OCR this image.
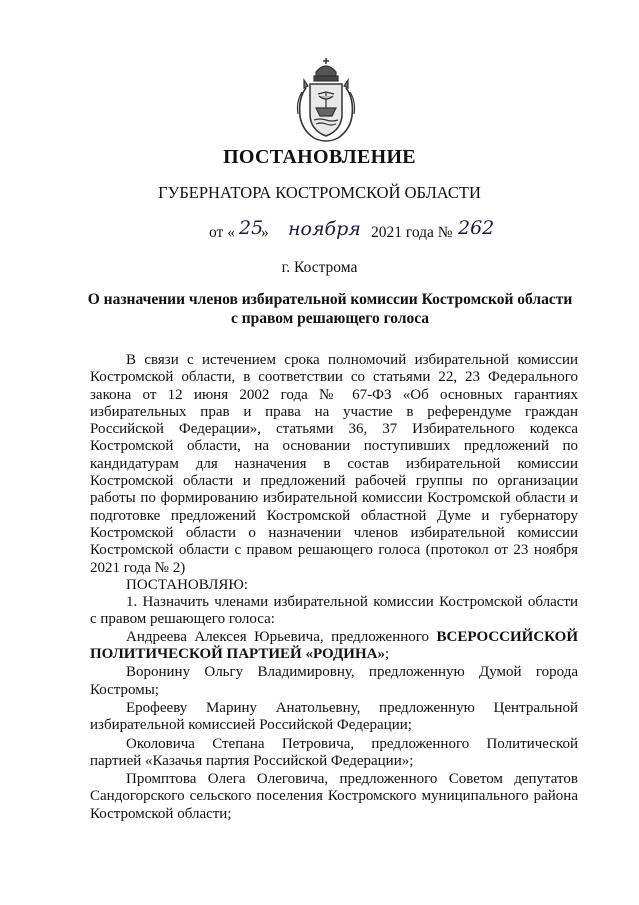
ПОСТАНОВЛЕНИЕ
ГУБЕРНАТОРА КОСТРОМСКОЙ ОБЛАСТИ
от « 25
» ноября 2021 года № 262
г. Кострома
О назначении членов избирательной комиссии Костромской области
с правом решающего голоса
В связи с истечением срока полномочий избирательной комиссии
Костромской области, в соответствии со статьями 22, 23 Федерального
закона от 12 июня 2002 года № 67-ФЗ «Об основных гарантиях
избирательных прав и права на участие в референдуме граждан
Российской Федерации», статьями 36, 37 Избирательного кодекса
Костромской области, на основании поступивших предложений по
кандидатурам для назначения в состав избирательной комиссии
Костромской области и предложений рабочей группы по организации
работы по формированию избирательной комиссии Костромской области и
подготовке предложений Костромской областной Думе и губернатору
Костромской области о назначении членов избирательной комиссии
Костромской области с правом решающего голоса (протокол от 23 ноября
2021 года № 2)
ПОСТАНОВЛЯЮ:
1. Назначить членами избирательной комиссии Костромской области
с правом решающего голоса:
Андреева Алексея Юрьевича, предложенного ВСЕРОССИЙСКОЙ
ПОЛИТИЧЕСКОЙ ПАРТИЕЙ «РОДИНА»;
Воронину Ольгу Владимировну, предложенную Думой города
Костромы;
Ерофееву Марину Анатольевну, предложенную Центральной
избирательной комиссией Российской Федерации;
Околовича Степана Петровича, предложенного Политической
партией «Казачья партия Российской Федерации»;
Промптова Олега Олеговича, предложенного Советом депутатов
Сандогорского сельского поселения Костромского муниципального района
Костромской области;
